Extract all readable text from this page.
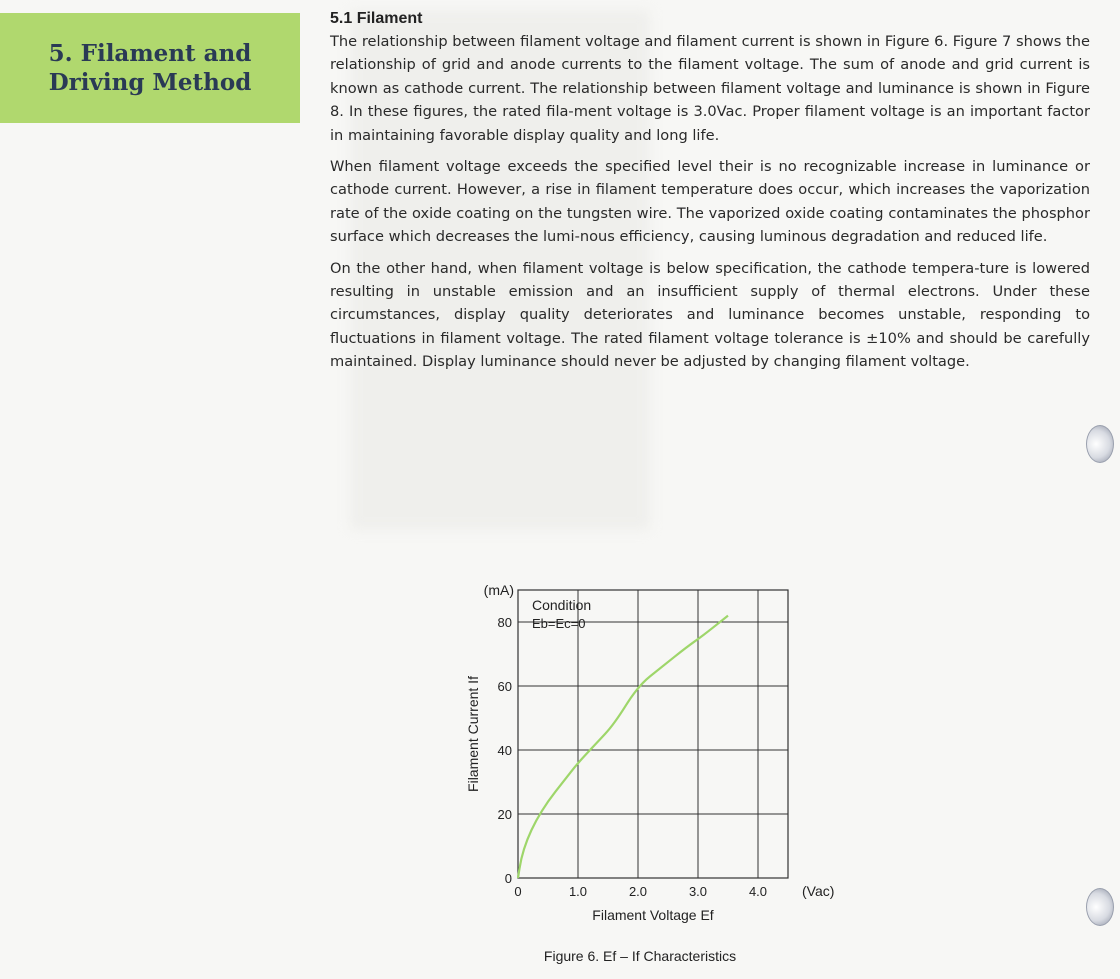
5. Filament and
Driving Method
5.1 Filament

The relationship between filament voltage and filament current is shown in Figure 6. Figure 7 shows the relationship of grid and anode currents to the filament voltage. The sum of anode and grid current is known as cathode current. The relationship between filament voltage and luminance is shown in Figure 8. In these figures, the rated fila-ment voltage is 3.0Vac. Proper filament voltage is an important factor in maintaining favorable display quality and long life.

When filament voltage exceeds the specified level their is no recognizable increase in luminance or cathode current. However, a rise in filament temperature does occur, which increases the vaporization rate of the oxide coating on the tungsten wire. The vaporized oxide coating contaminates the phosphor surface which decreases the lumi-nous efficiency, causing luminous degradation and reduced life.

On the other hand, when filament voltage is below specification, the cathode tempera-ture is lowered resulting in unstable emission and an insufficient supply of thermal electrons. Under these circumstances, display quality deteriorates and luminance becomes unstable, responding to fluctuations in filament voltage. The rated filament voltage tolerance is ±10% and should be carefully maintained. Display luminance should never be adjusted by changing filament voltage.

0	1.0	2.0	3.0	4.0
0
20
40
60
80
(mA)
(Vac)
Condition
Eb=Ec=0
Filament Voltage Ef
Filament Current If
Figure 6. Ef – If Characteristics
